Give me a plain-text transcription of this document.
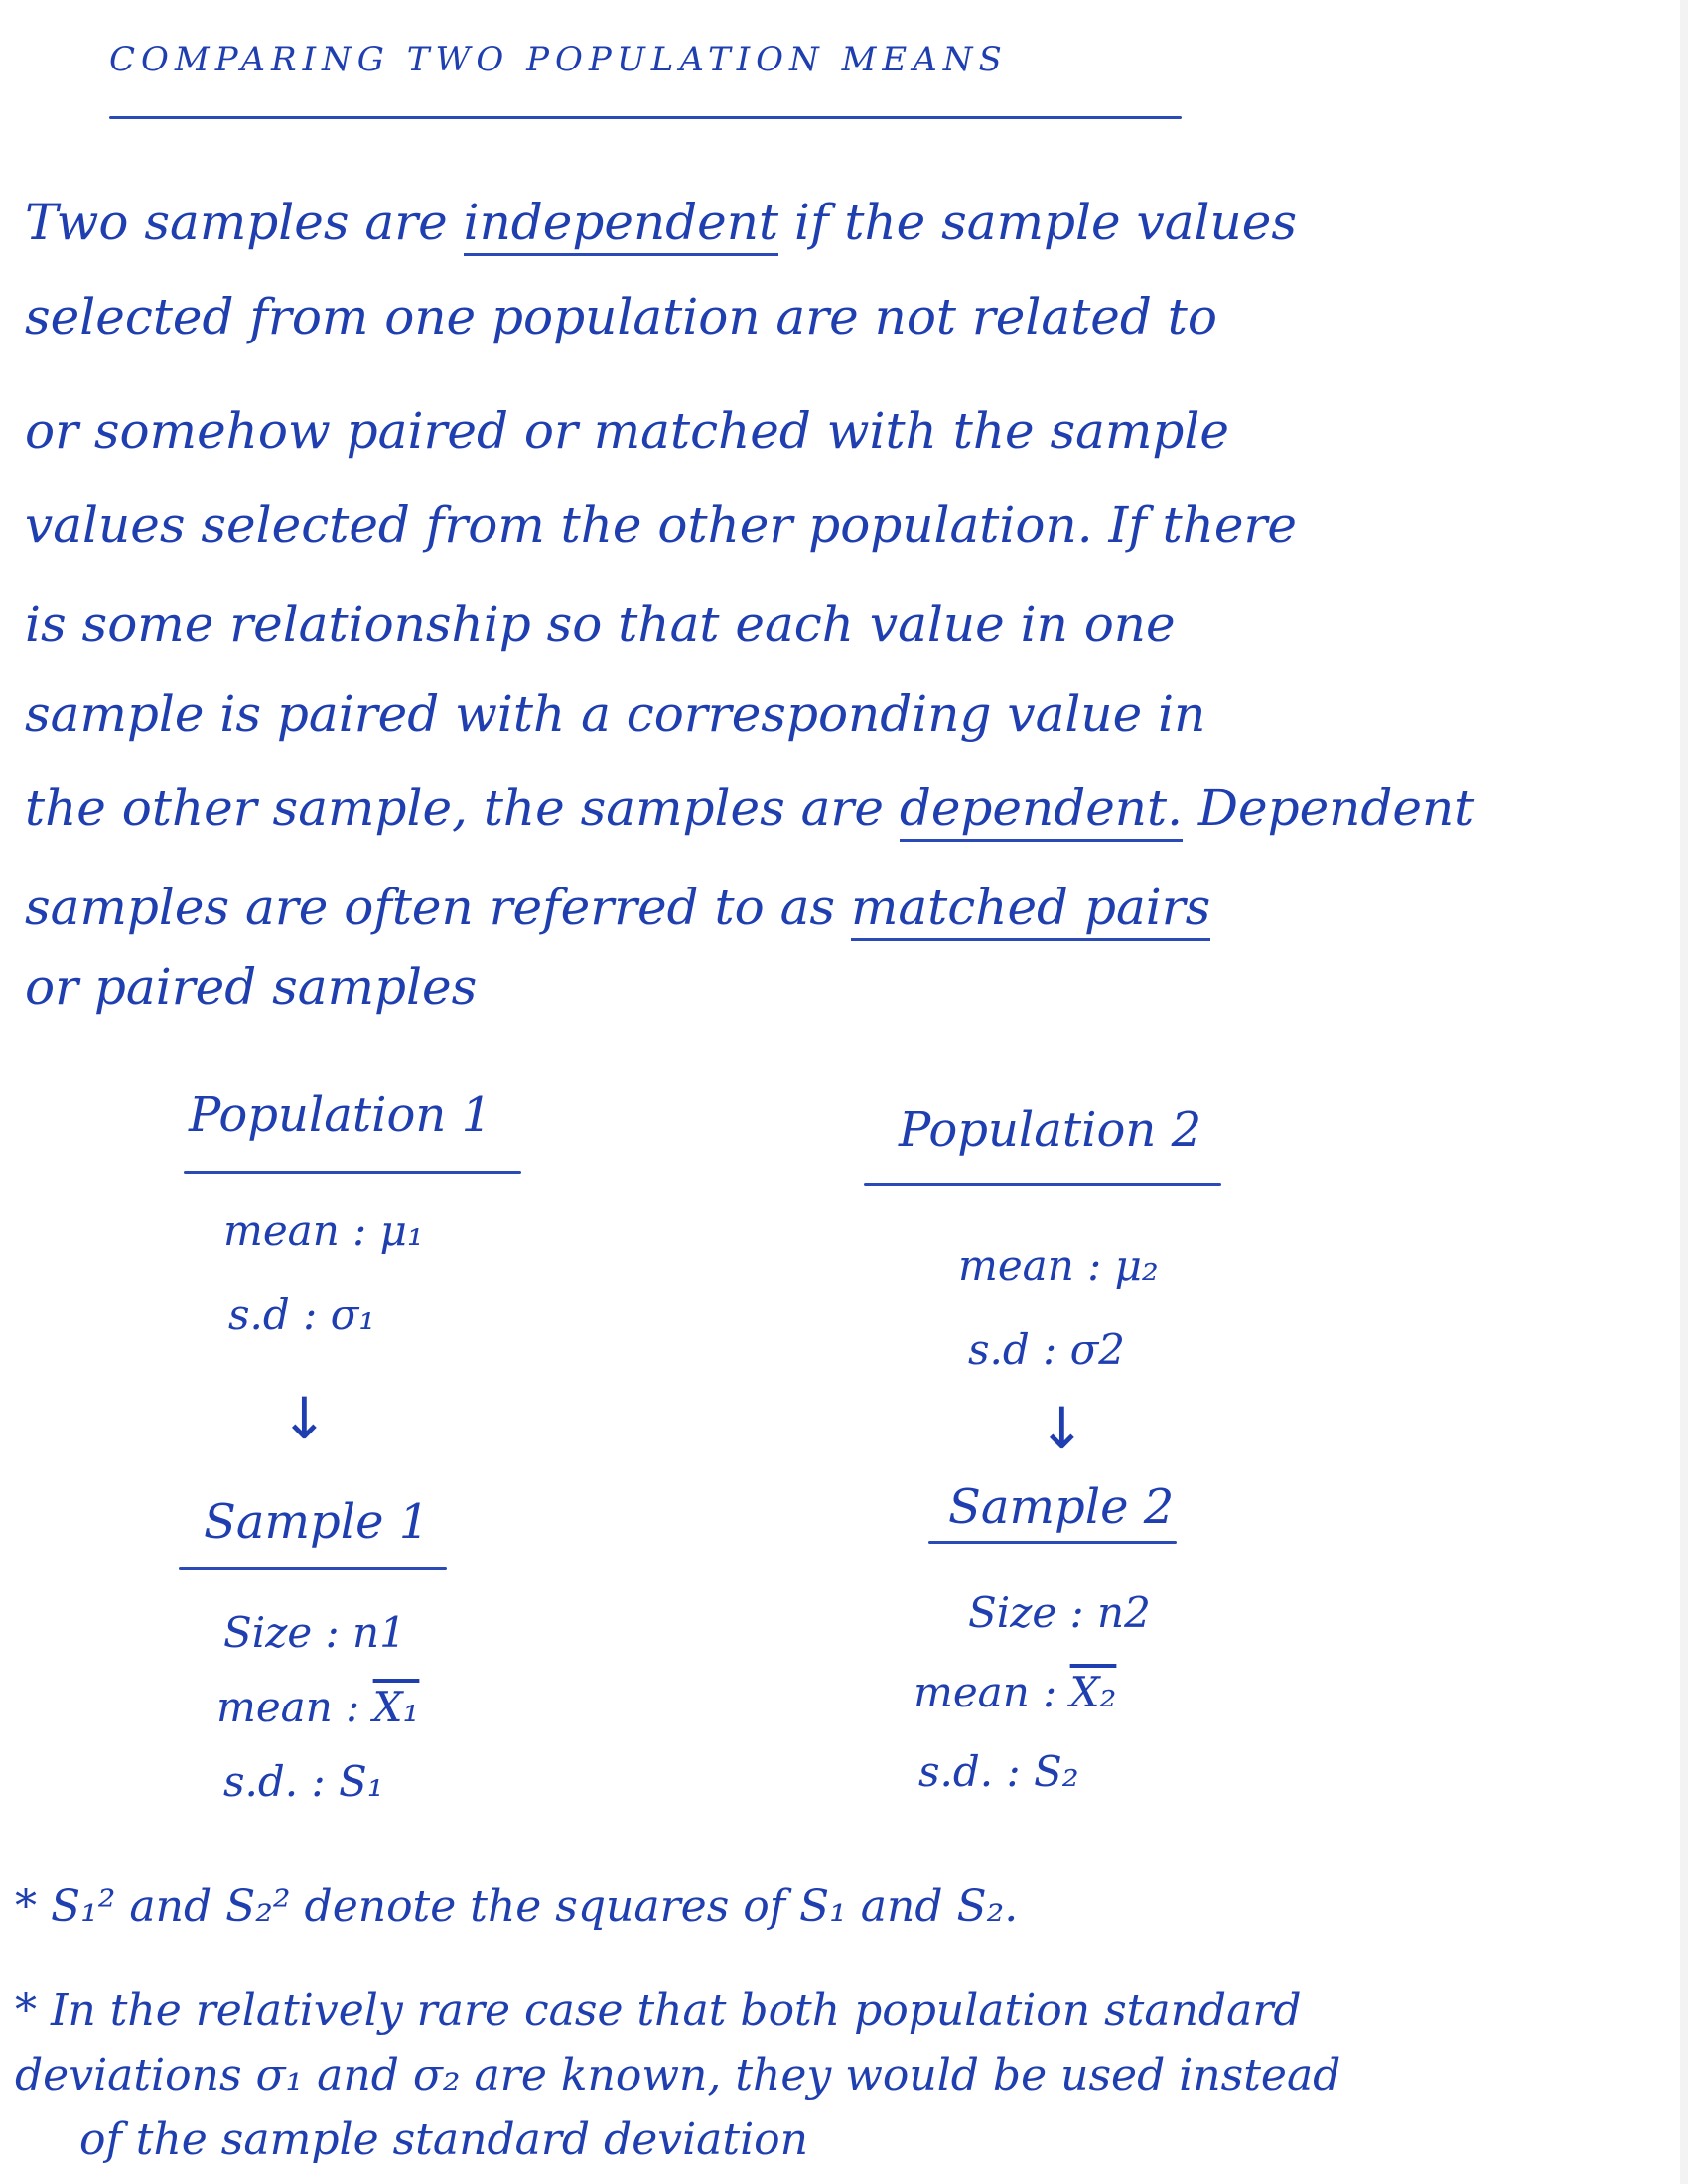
COMPARING TWO POPULATION MEANS
Two samples are independent if the sample values
selected from one population are not related to
or somehow paired or matched with the sample
values selected from the other population. If there
is some relationship so that each value in one
sample is paired with a corresponding value in
the other sample, the samples are dependent. Dependent
samples are often referred to as matched pairs
or paired samples
Population 1
mean : μ₁
s.d : σ₁
↓
Sample 1
Size : n1
mean : X₁
s.d. : S₁
Population 2
mean : μ₂
s.d : σ2
↓
Sample 2
Size : n2
mean : X₂
s.d. : S₂
* S₁² and S₂² denote the squares of S₁ and S₂.
* In the relatively rare case that both population standard
deviations σ₁ and σ₂ are known, they would be used instead
of the sample standard deviation
